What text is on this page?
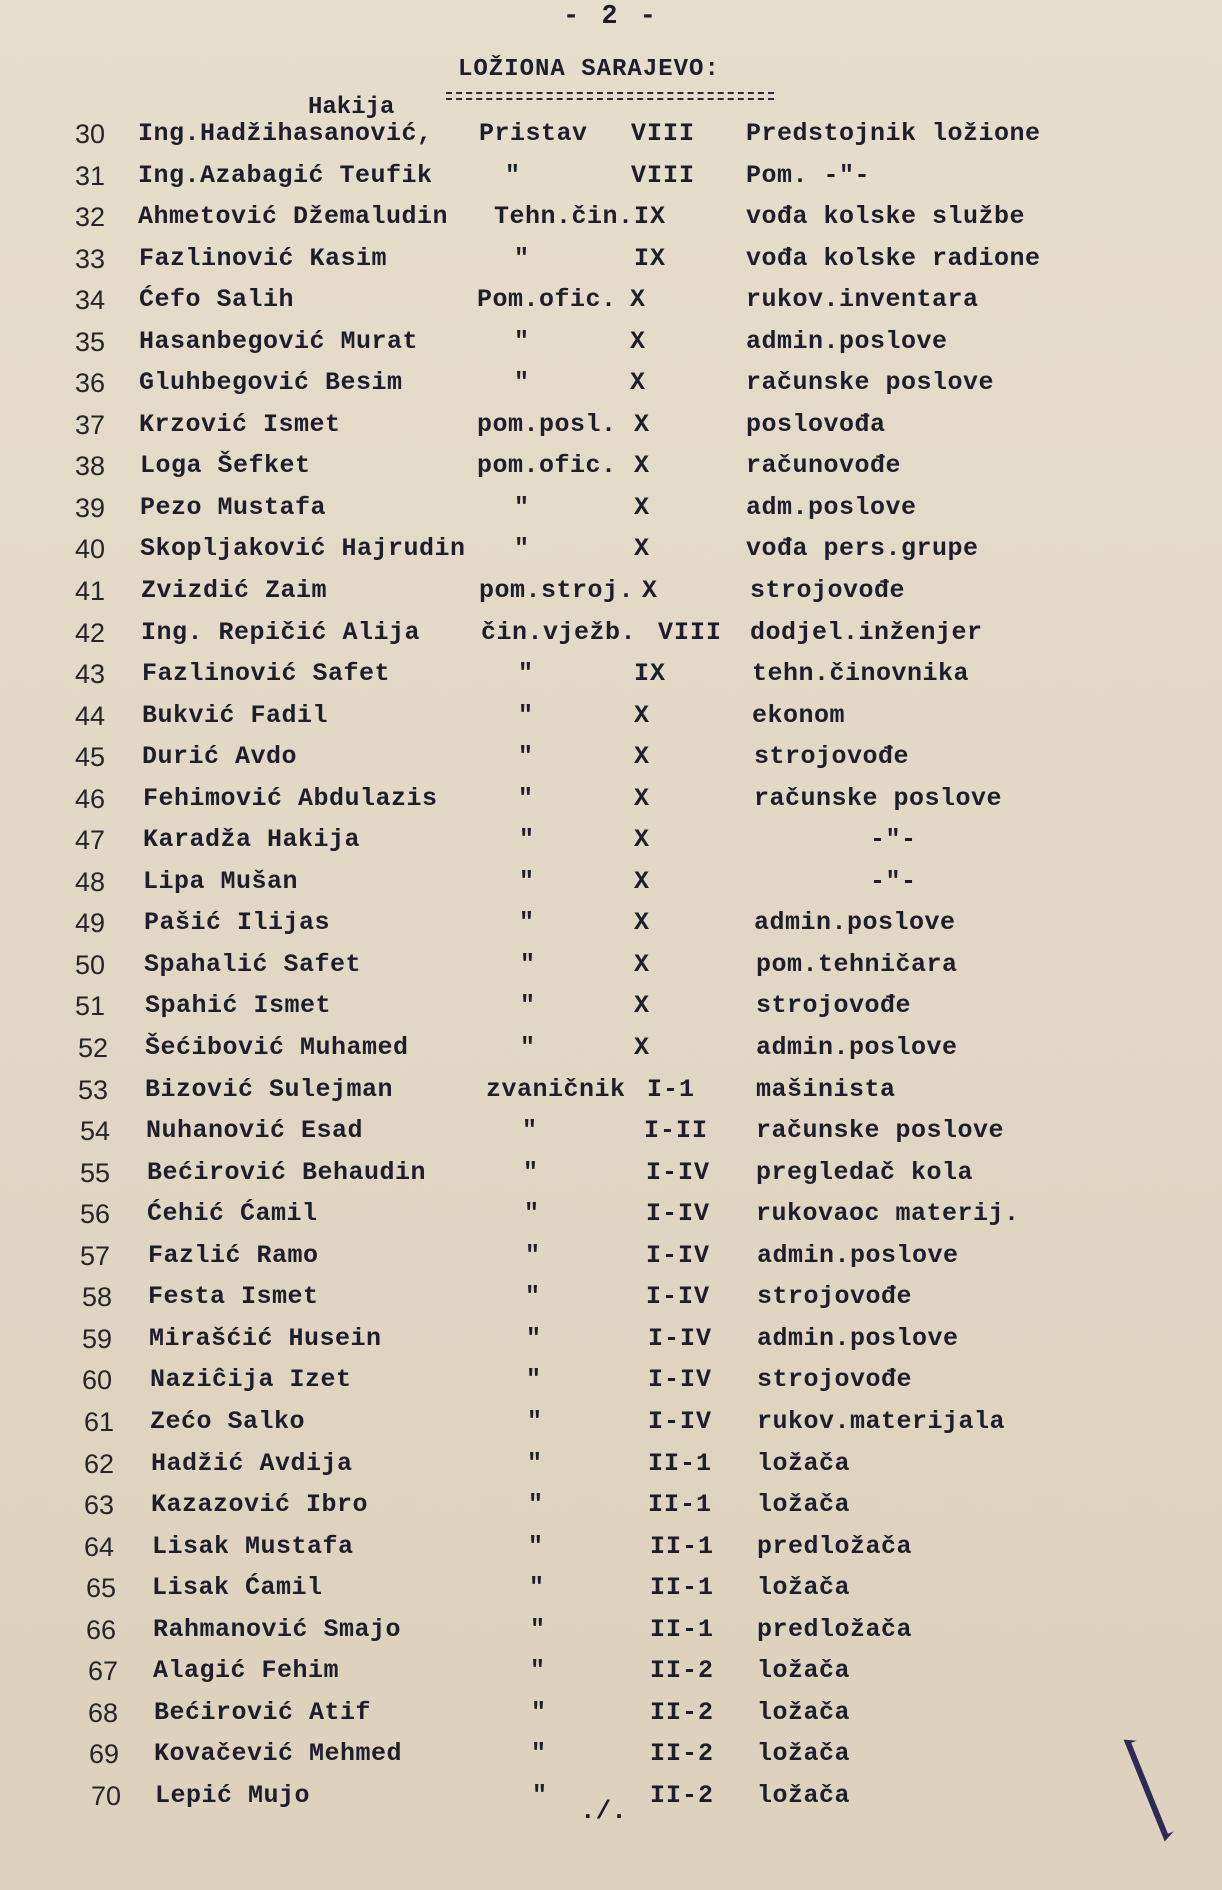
- 2 -
LOŽIONA SARAJEVO:
Hakija
30 Ing.Hadžihasanović, Pristav	VIII	Predstojnik ložione
31 Ing.Azabagić Teufik	"	VIII	Pom. -"-
32 Ahmetović Džemaludin Tehn.čin. IX	vođa kolske službe
33 Fazlinović Kasim	"	IX	vođa kolske radione
34 Ćefo Salih	Pom.ofic. X	rukov.inventara
35 Hasanbegović Murat	"	X	admin.poslove
36 Gluhbegović Besim	"	X	računske poslove
37 Krzović Ismet	pom.posl. X	poslovođa
38 Loga Šefket	pom.ofic. X	računovođe
39 Pezo Mustafa	"	X	adm.poslove
40 Skopljaković Hajrudin "	X	vođa pers.grupe
41 Zvizdić Zaim	pom.stroj. X	strojovođe
42 Ing. Repičić Alija čin.vježb. VIII	dodjel.inženjer
43 Fazlinović Safet	"	IX	tehn.činovnika
44 Bukvić Fadil	"	X	ekonom
45 Durić Avdo	"	X	strojovođe
46 Fehimović Abdulazis	"	X	računske poslove
47 Karadža Hakija	"	X	-"-
48 Lipa Mušan	"	X	-"-
49 Pašić Ilijas	"	X	admin.poslove
50 Spahalić Safet	"	X	pom.tehničara
51 Spahić Ismet	"	X	strojovođe
52 Šećibović Muhamed	"	X	admin.poslove
53 Bizović Sulejman	zvaničnik I-1	mašinista
54 Nuhanović Esad	"	I-II	računske poslove
55 Bećirović Behaudin	"	I-IV	pregledač kola
56 Ćehić Ćamil	"	I-IV	rukovaoc materij.
57 Fazlić Ramo	"	I-IV	admin.poslove
58 Festa Ismet	"	I-IV	strojovođe
59 Mirašćić Husein	"	I-IV	admin.poslove
60 Naziĉija Izet	"	I-IV	strojovođe
61 Zećo Salko	"	I-IV	rukov.materijala
62 Hadžić Avdija	"	II-1	ložača
63 Kazazović Ibro	"	II-1	ložača
64 Lisak Mustafa	"	II-1	predložača
65 Lisak Ćamil	"	II-1	ložača
66 Rahmanović Smajo	"	II-1	predložača
67 Alagić Fehim	"	II-2	ložača
68 Bećirović Atif	"	II-2	ložača
69 Kovačević Mehmed	"	II-2	ložača
70 Lepić Mujo	"	II-2	ložača
./.
